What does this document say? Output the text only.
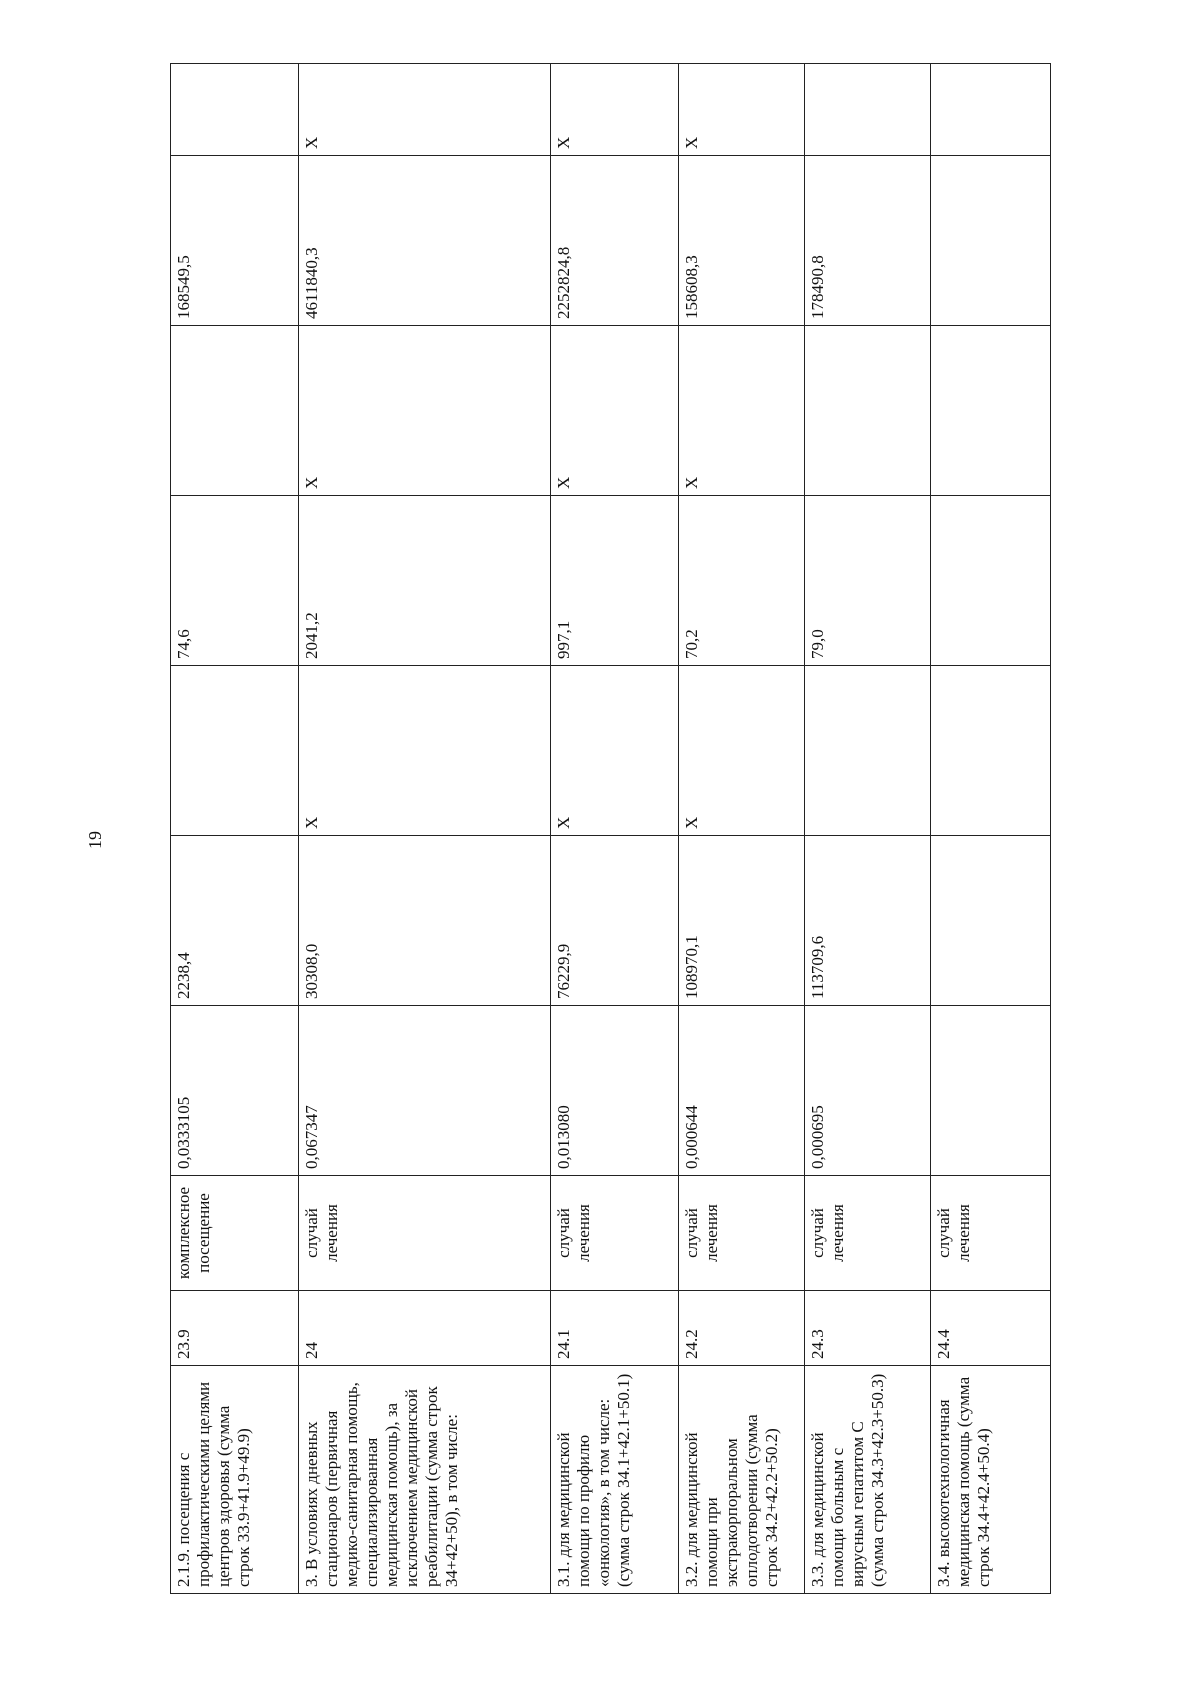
19
2.1.9. посещения с профилактическими целями центров здоровья (сумма строк 33.9+41.9+49.9)	23.9	комплексное посещение	0,0333105	2238,4		74,6		168549,5	

3. В условиях дневных стационаров (первичная медико-санитарная помощь, специализированная медицинская помощь), за исключением медицинской реабилитации (сумма строк 34+42+50), в том числе:	24	случай лечения	0,067347	30308,0	X	2041,2	X	4611840,3	X

3.1. для медицинской помощи по профилю «онкология», в том числе: (сумма строк 34.1+42.1+50.1)	24.1	случай лечения	0,013080	76229,9	X	997,1	X	2252824,8	X

3.2. для медицинской помощи при экстракорпоральном оплодотворении (сумма строк 34.2+42.2+50.2)	24.2	случай лечения	0,000644	108970,1	X	70,2	X	158608,3	X

3.3. для медицинской помощи больным с вирусным гепатитом С (сумма строк 34.3+42.3+50.3)	24.3	случай лечения	0,000695	113709,6		79,0		178490,8	

3.4. высокотехнологичная медицинская помощь (сумма строк 34.4+42.4+50.4)	24.4	случай лечения							
